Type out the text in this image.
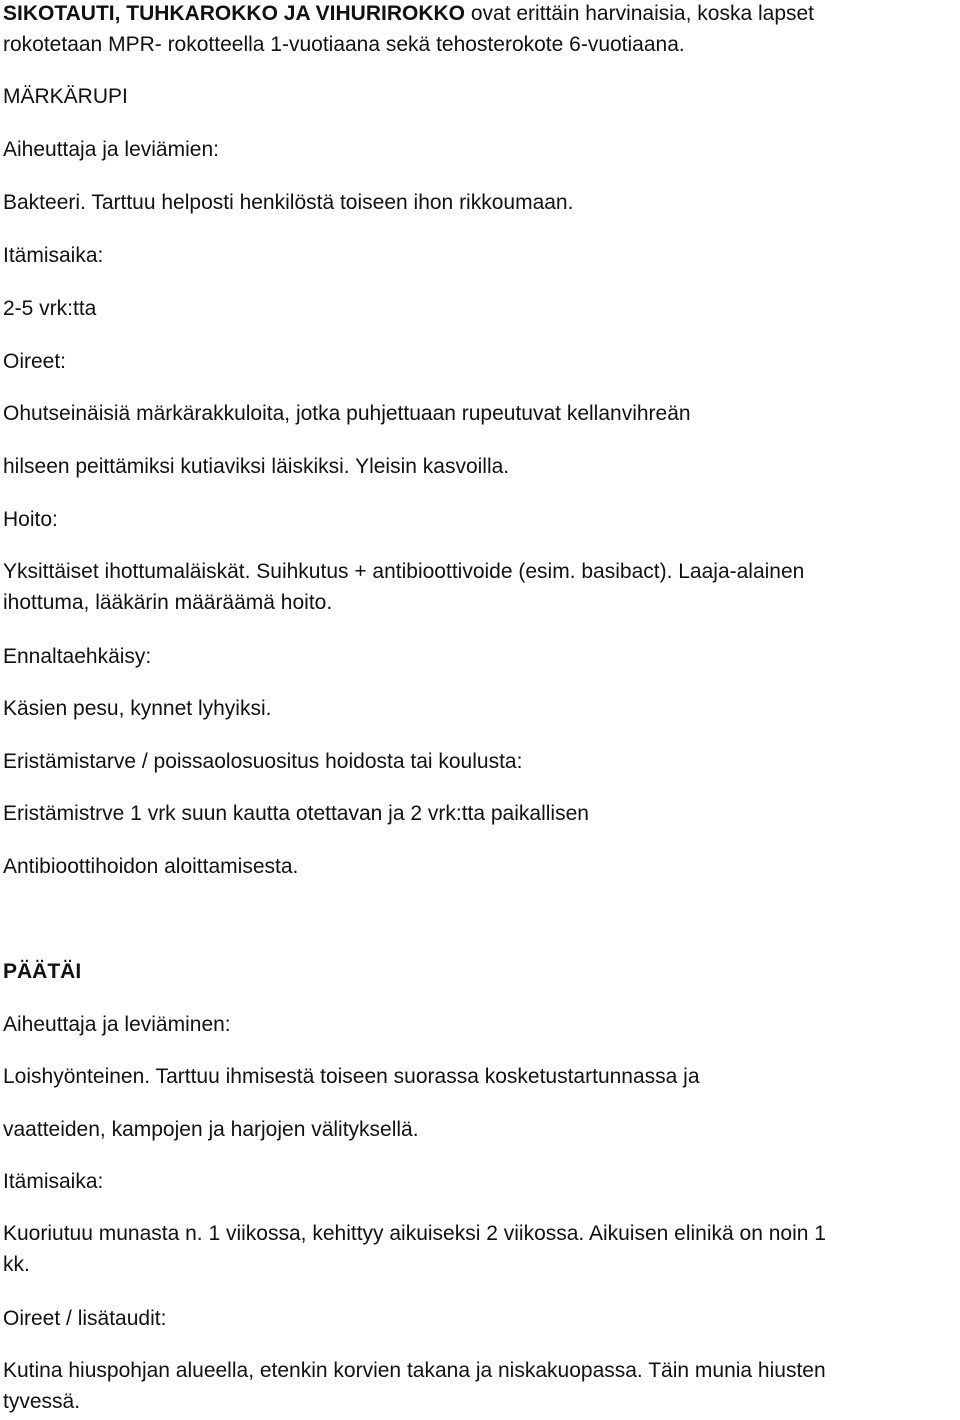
SIKOTAUTI, TUHKAROKKO JA VIHURIROKKO ovat erittäin harvinaisia, koska lapset
rokotetaan MPR- rokotteella 1-vuotiaana sekä tehosterokote 6-vuotiaana.
MÄRKÄRUPI
Aiheuttaja ja leviämien:
Bakteeri. Tarttuu helposti henkilöstä toiseen ihon rikkoumaan.
Itämisaika:
2-5 vrk:tta
Oireet:
Ohutseinäisiä märkärakkuloita, jotka puhjettuaan rupeutuvat kellanvihreän
hilseen peittämiksi kutiaviksi läiskiksi. Yleisin kasvoilla.
Hoito:
Yksittäiset ihottumaläiskät. Suihkutus + antibioottivoide (esim. basibact). Laaja-alainen
ihottuma, lääkärin määräämä hoito.
Ennaltaehkäisy:
Käsien pesu, kynnet lyhyiksi.
Eristämistarve / poissaolosuositus hoidosta tai koulusta:
Eristämistrve 1 vrk suun kautta otettavan ja 2 vrk:tta paikallisen
Antibioottihoidon aloittamisesta.
PÄÄTÄI
Aiheuttaja ja leviäminen:
Loishyönteinen. Tarttuu ihmisestä toiseen suorassa kosketustartunnassa ja
vaatteiden, kampojen ja harjojen välityksellä.
Itämisaika:
Kuoriutuu munasta n. 1 viikossa, kehittyy aikuiseksi 2 viikossa. Aikuisen elinikä on noin 1
kk.
Oireet / lisätaudit:
Kutina hiuspohjan alueella, etenkin korvien takana ja niskakuopassa. Täin munia hiusten
tyvessä.
